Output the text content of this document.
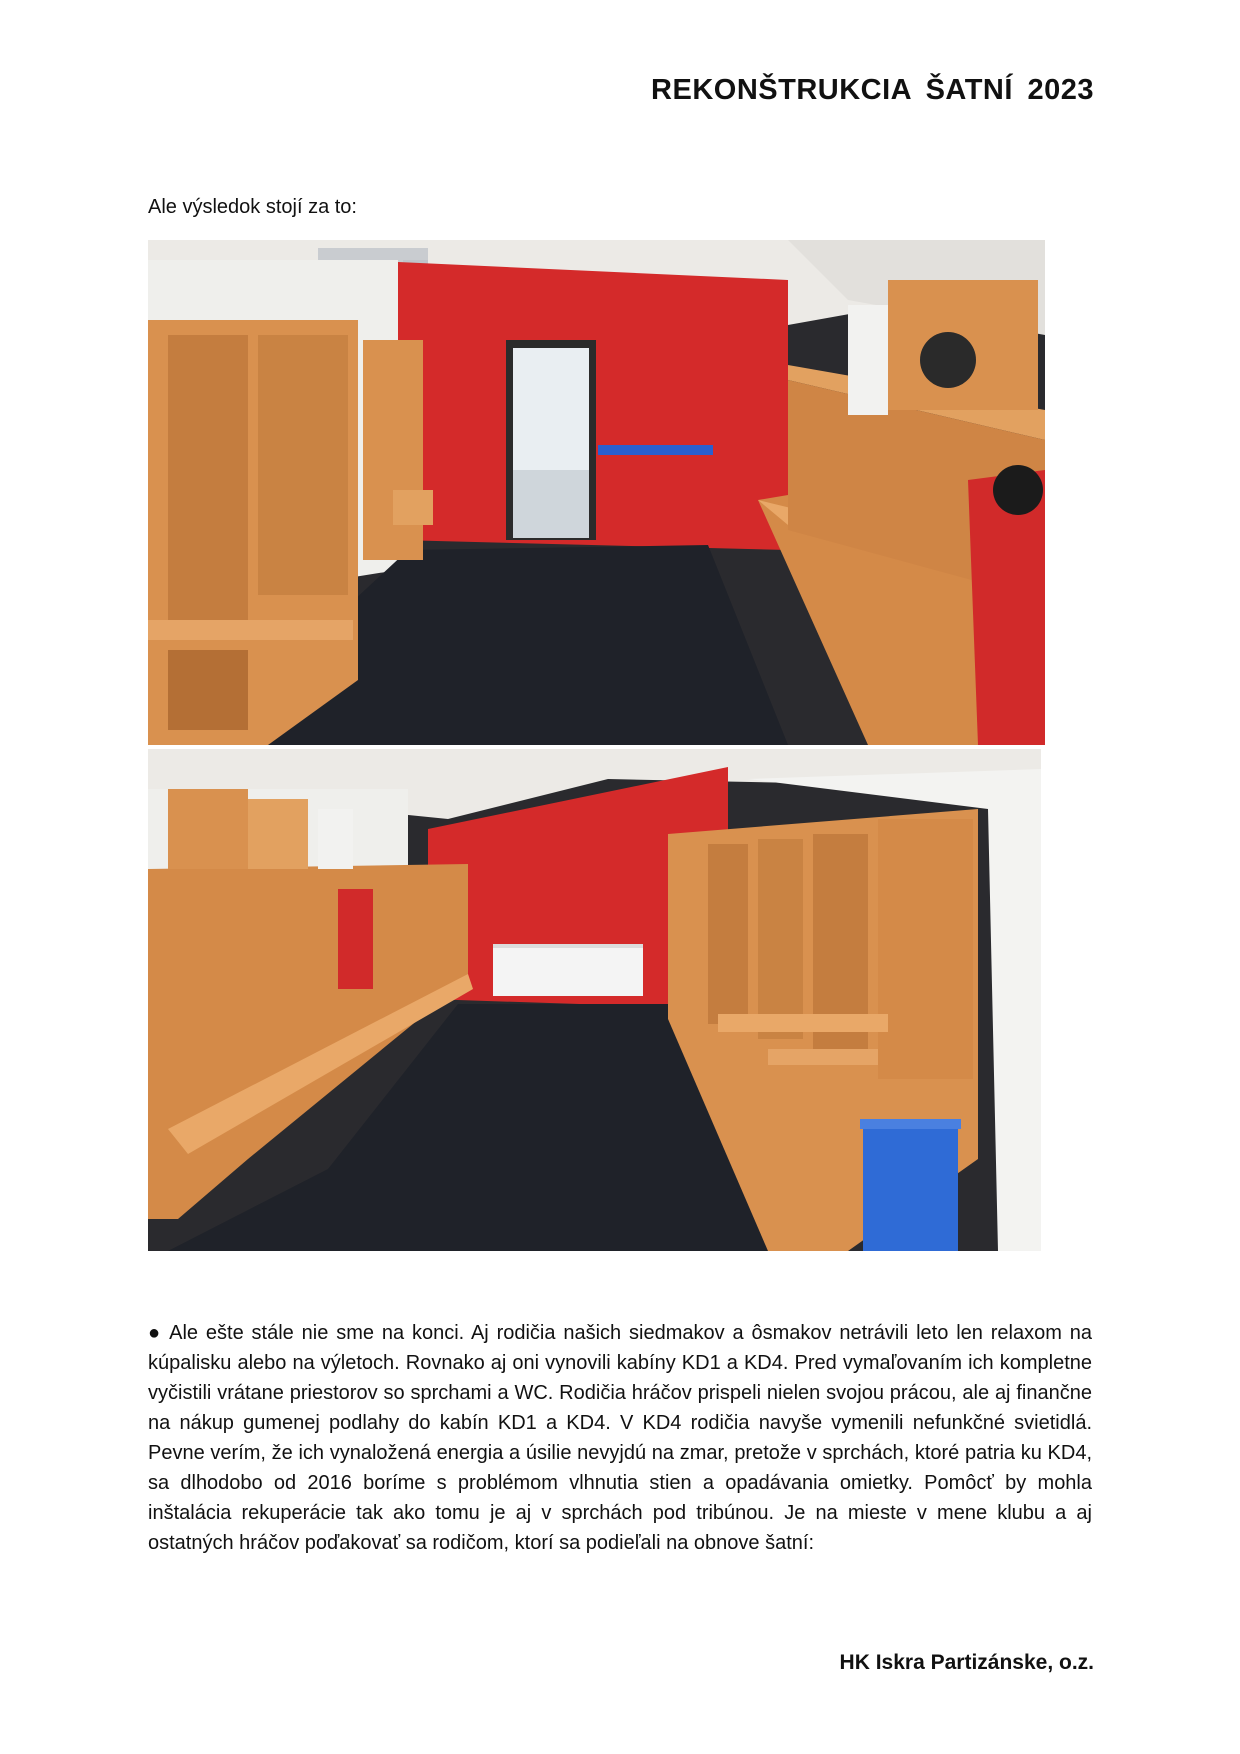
REKONŠTRUKCIA ŠATNÍ 2023

Ale výsledok stojí za to:

● Ale ešte stále nie sme na konci. Aj rodičia našich siedmakov a ôsmakov netrávili leto len relaxom na kúpalisku alebo na výletoch. Rovnako aj oni vynovili kabíny KD1 a KD4. Pred vymaľovaním ich kompletne vyčistili vrátane priestorov so sprchami a WC. Rodičia hráčov prispeli nielen svojou prácou, ale aj finančne na nákup gumenej podlahy do kabín KD1 a KD4. V KD4 rodičia navyše vymenili nefunkčné svietidlá. Pevne verím, že ich vynaložená energia a úsilie nevyjdú na zmar, pretože v sprchách, ktoré patria ku KD4, sa dlhodobo od 2016 boríme s problémom vlhnutia stien a opadávania omietky. Pomôcť by mohla inštalácia rekuperácie tak ako tomu je aj v sprchách pod tribúnou. Je na mieste v mene klubu a aj ostatných hráčov poďakovať sa rodičom, ktorí sa podieľali na obnove šatní:

HK Iskra Partizánske, o.z.
